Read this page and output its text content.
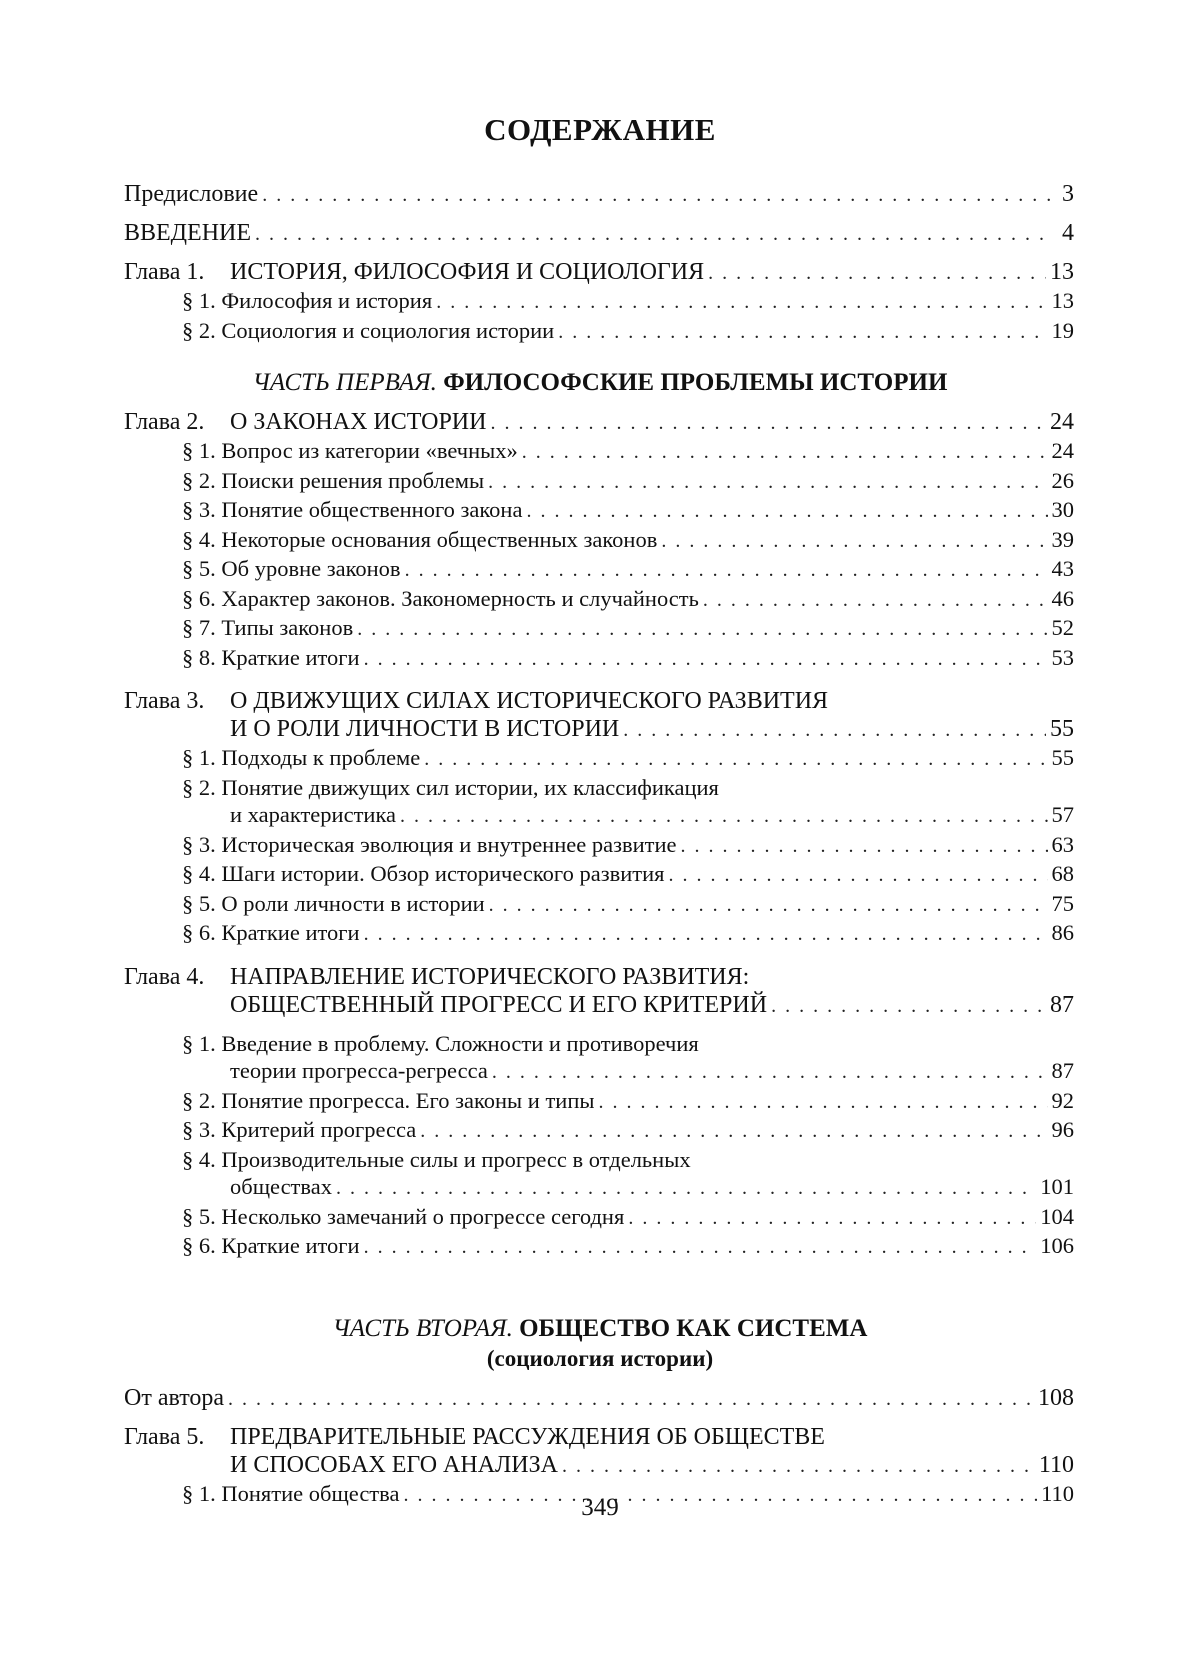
СОДЕРЖАНИЕ
Предисловие . . .	3
ВВЕДЕНИЕ . . .	4
Глава 1. ИСТОРИЯ, ФИЛОСОФИЯ И СОЦИОЛОГИЯ . . .	13
§ 1. Философия и история . . .	13
§ 2. Социология и социология истории . . .	19
ЧАСТЬ ПЕРВАЯ. ФИЛОСОФСКИЕ ПРОБЛЕМЫ ИСТОРИИ
Глава 2. О ЗАКОНАХ ИСТОРИИ . . .	24
§ 1. Вопрос из категории «вечных» . . .	24
§ 2. Поиски решения проблемы . . .	26
§ 3. Понятие общественного закона . . .	30
§ 4. Некоторые основания общественных законов . . .	39
§ 5. Об уровне законов . . .	43
§ 6. Характер законов. Закономерность и случайность . . .	46
§ 7. Типы законов . . .	52
§ 8. Краткие итоги . . .	53
Глава 3. О ДВИЖУЩИХ СИЛАХ ИСТОРИЧЕСКОГО РАЗВИТИЯ
И О РОЛИ ЛИЧНОСТИ В ИСТОРИИ . . .	55
§ 1. Подходы к проблеме . . .	55
§ 2. Понятие движущих сил истории, их классификация
и характеристика . . .	57
§ 3. Историческая эволюция и внутреннее развитие . . .	63
§ 4. Шаги истории. Обзор исторического развития . . .	68
§ 5. О роли личности в истории . . .	75
§ 6. Краткие итоги . . .	86
Глава 4. НАПРАВЛЕНИЕ ИСТОРИЧЕСКОГО РАЗВИТИЯ:
ОБЩЕСТВЕННЫЙ ПРОГРЕСС И ЕГО КРИТЕРИЙ . . .	87
§ 1. Введение в проблему. Сложности и противоречия
теории прогресса-регресса . . .	87
§ 2. Понятие прогресса. Его законы и типы . . .	92
§ 3. Критерий прогресса . . .	96
§ 4. Производительные силы и прогресс в отдельных
обществах . . .	101
§ 5. Несколько замечаний о прогрессе сегодня . . .	104
§ 6. Краткие итоги . . .	106
ЧАСТЬ ВТОРАЯ. ОБЩЕСТВО КАК СИСТЕМА
(социология истории)
От автора . . .	108
Глава 5. ПРЕДВАРИТЕЛЬНЫЕ РАССУЖДЕНИЯ ОБ ОБЩЕСТВЕ
И СПОСОБАХ ЕГО АНАЛИЗА . . .	110
§ 1. Понятие общества . . .	110
349
